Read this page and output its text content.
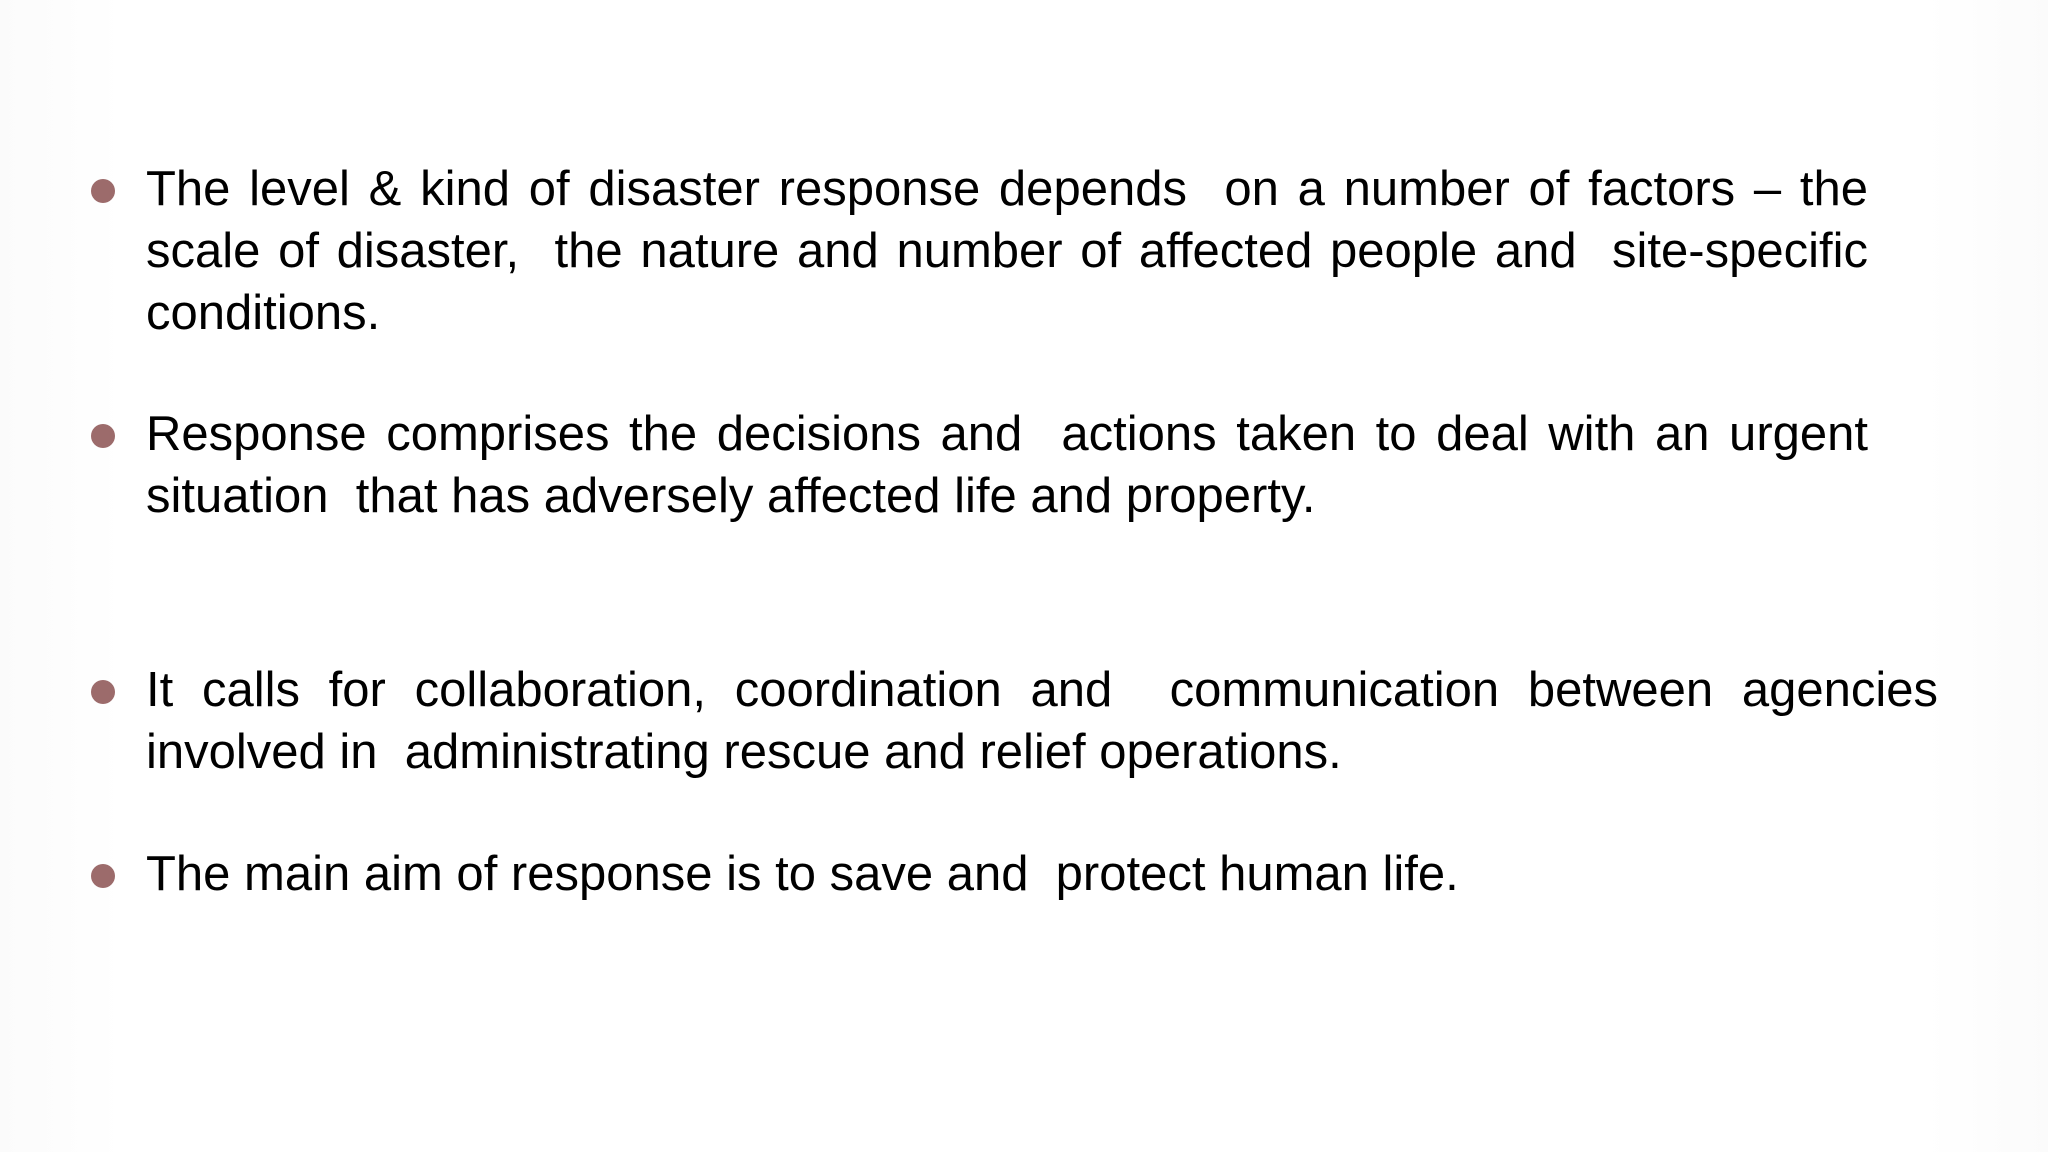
The level & kind of disaster response depends  on a number of factors – the scale of disaster,  the nature and number of affected people and  site-specific conditions.
Response comprises the decisions and  actions taken to deal with an urgent situation  that has adversely affected life and property.
It calls for collaboration, coordination and  communication between agencies involved in  administrating rescue and relief operations.
The main aim of response is to save and  protect human life.
